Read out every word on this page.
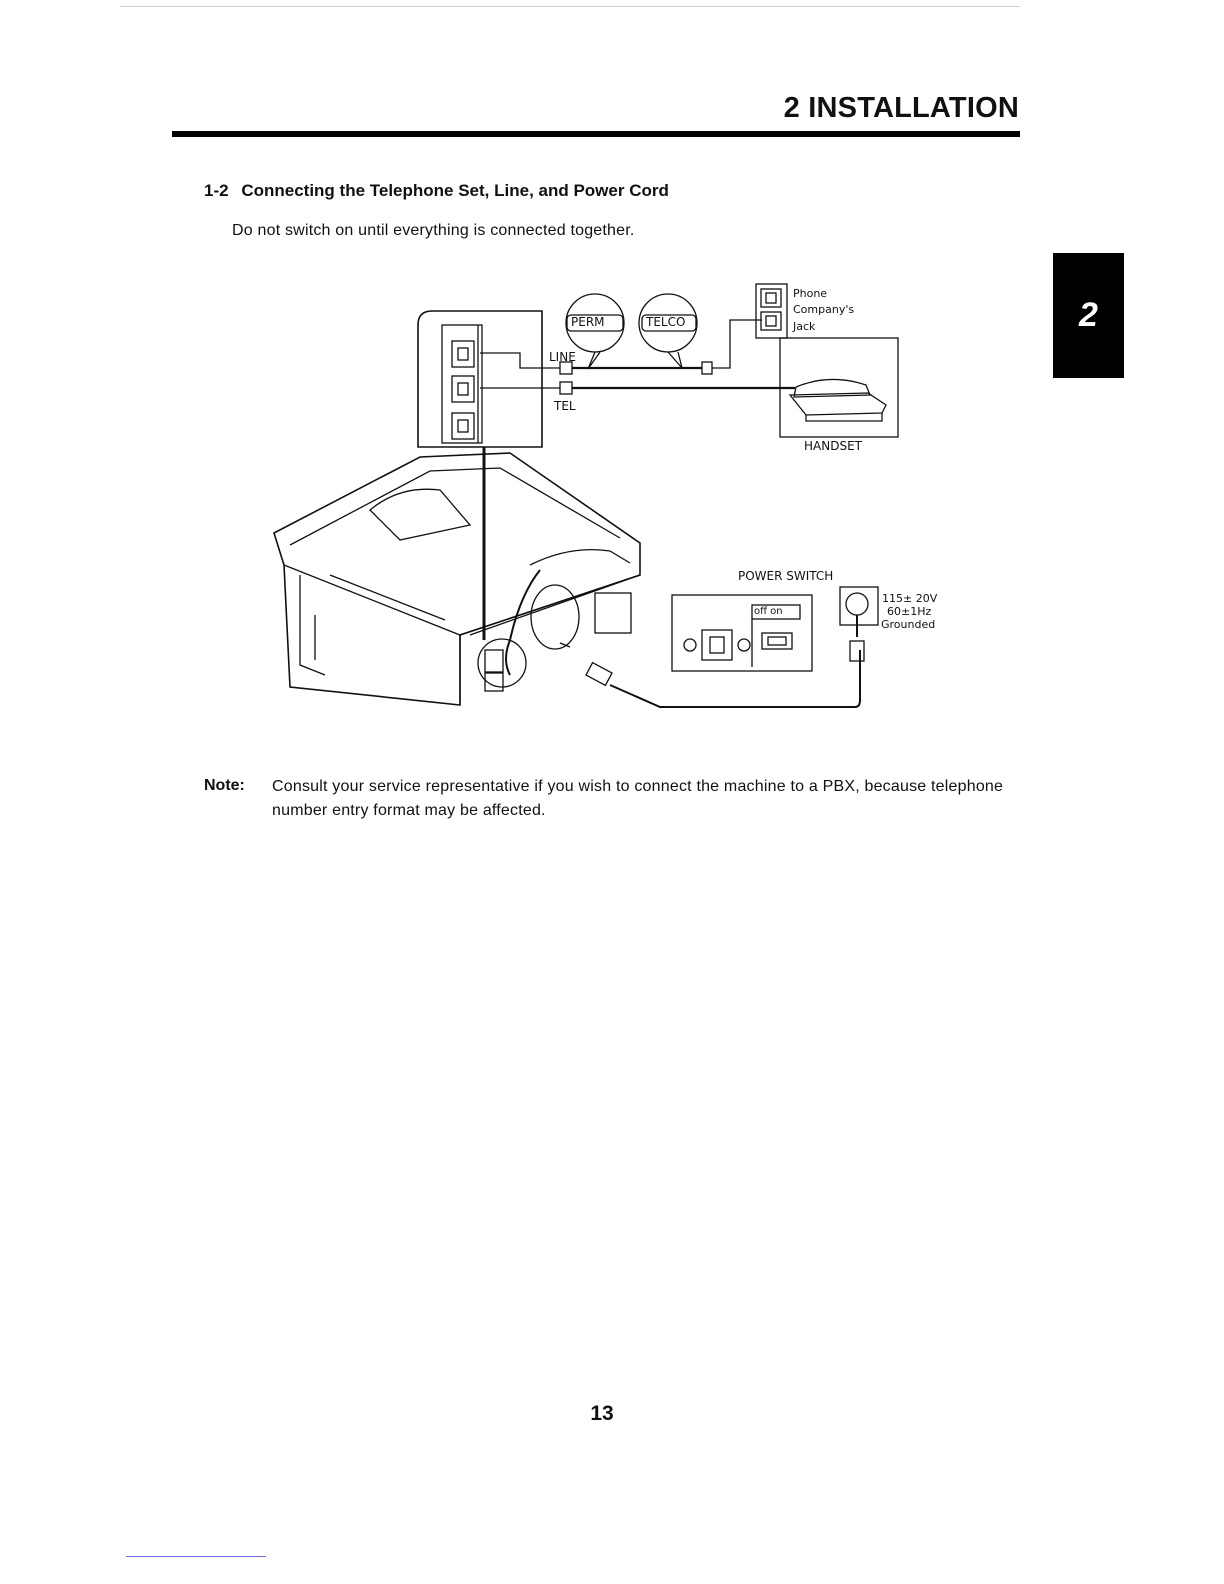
2 INSTALLATION
2
1-2 Connecting the Telephone Set, Line, and Power Cord
Do not switch on until everything is connected together.
PERM	TELCO
LINE
TEL
Phone
Company's
Jack
HANDSET
POWER SWITCH
off on
115± 20V
60±1Hz
Grounded
Note: Consult your service representative if you wish to connect the machine to a PBX, because telephone number entry format may be affected.
13
